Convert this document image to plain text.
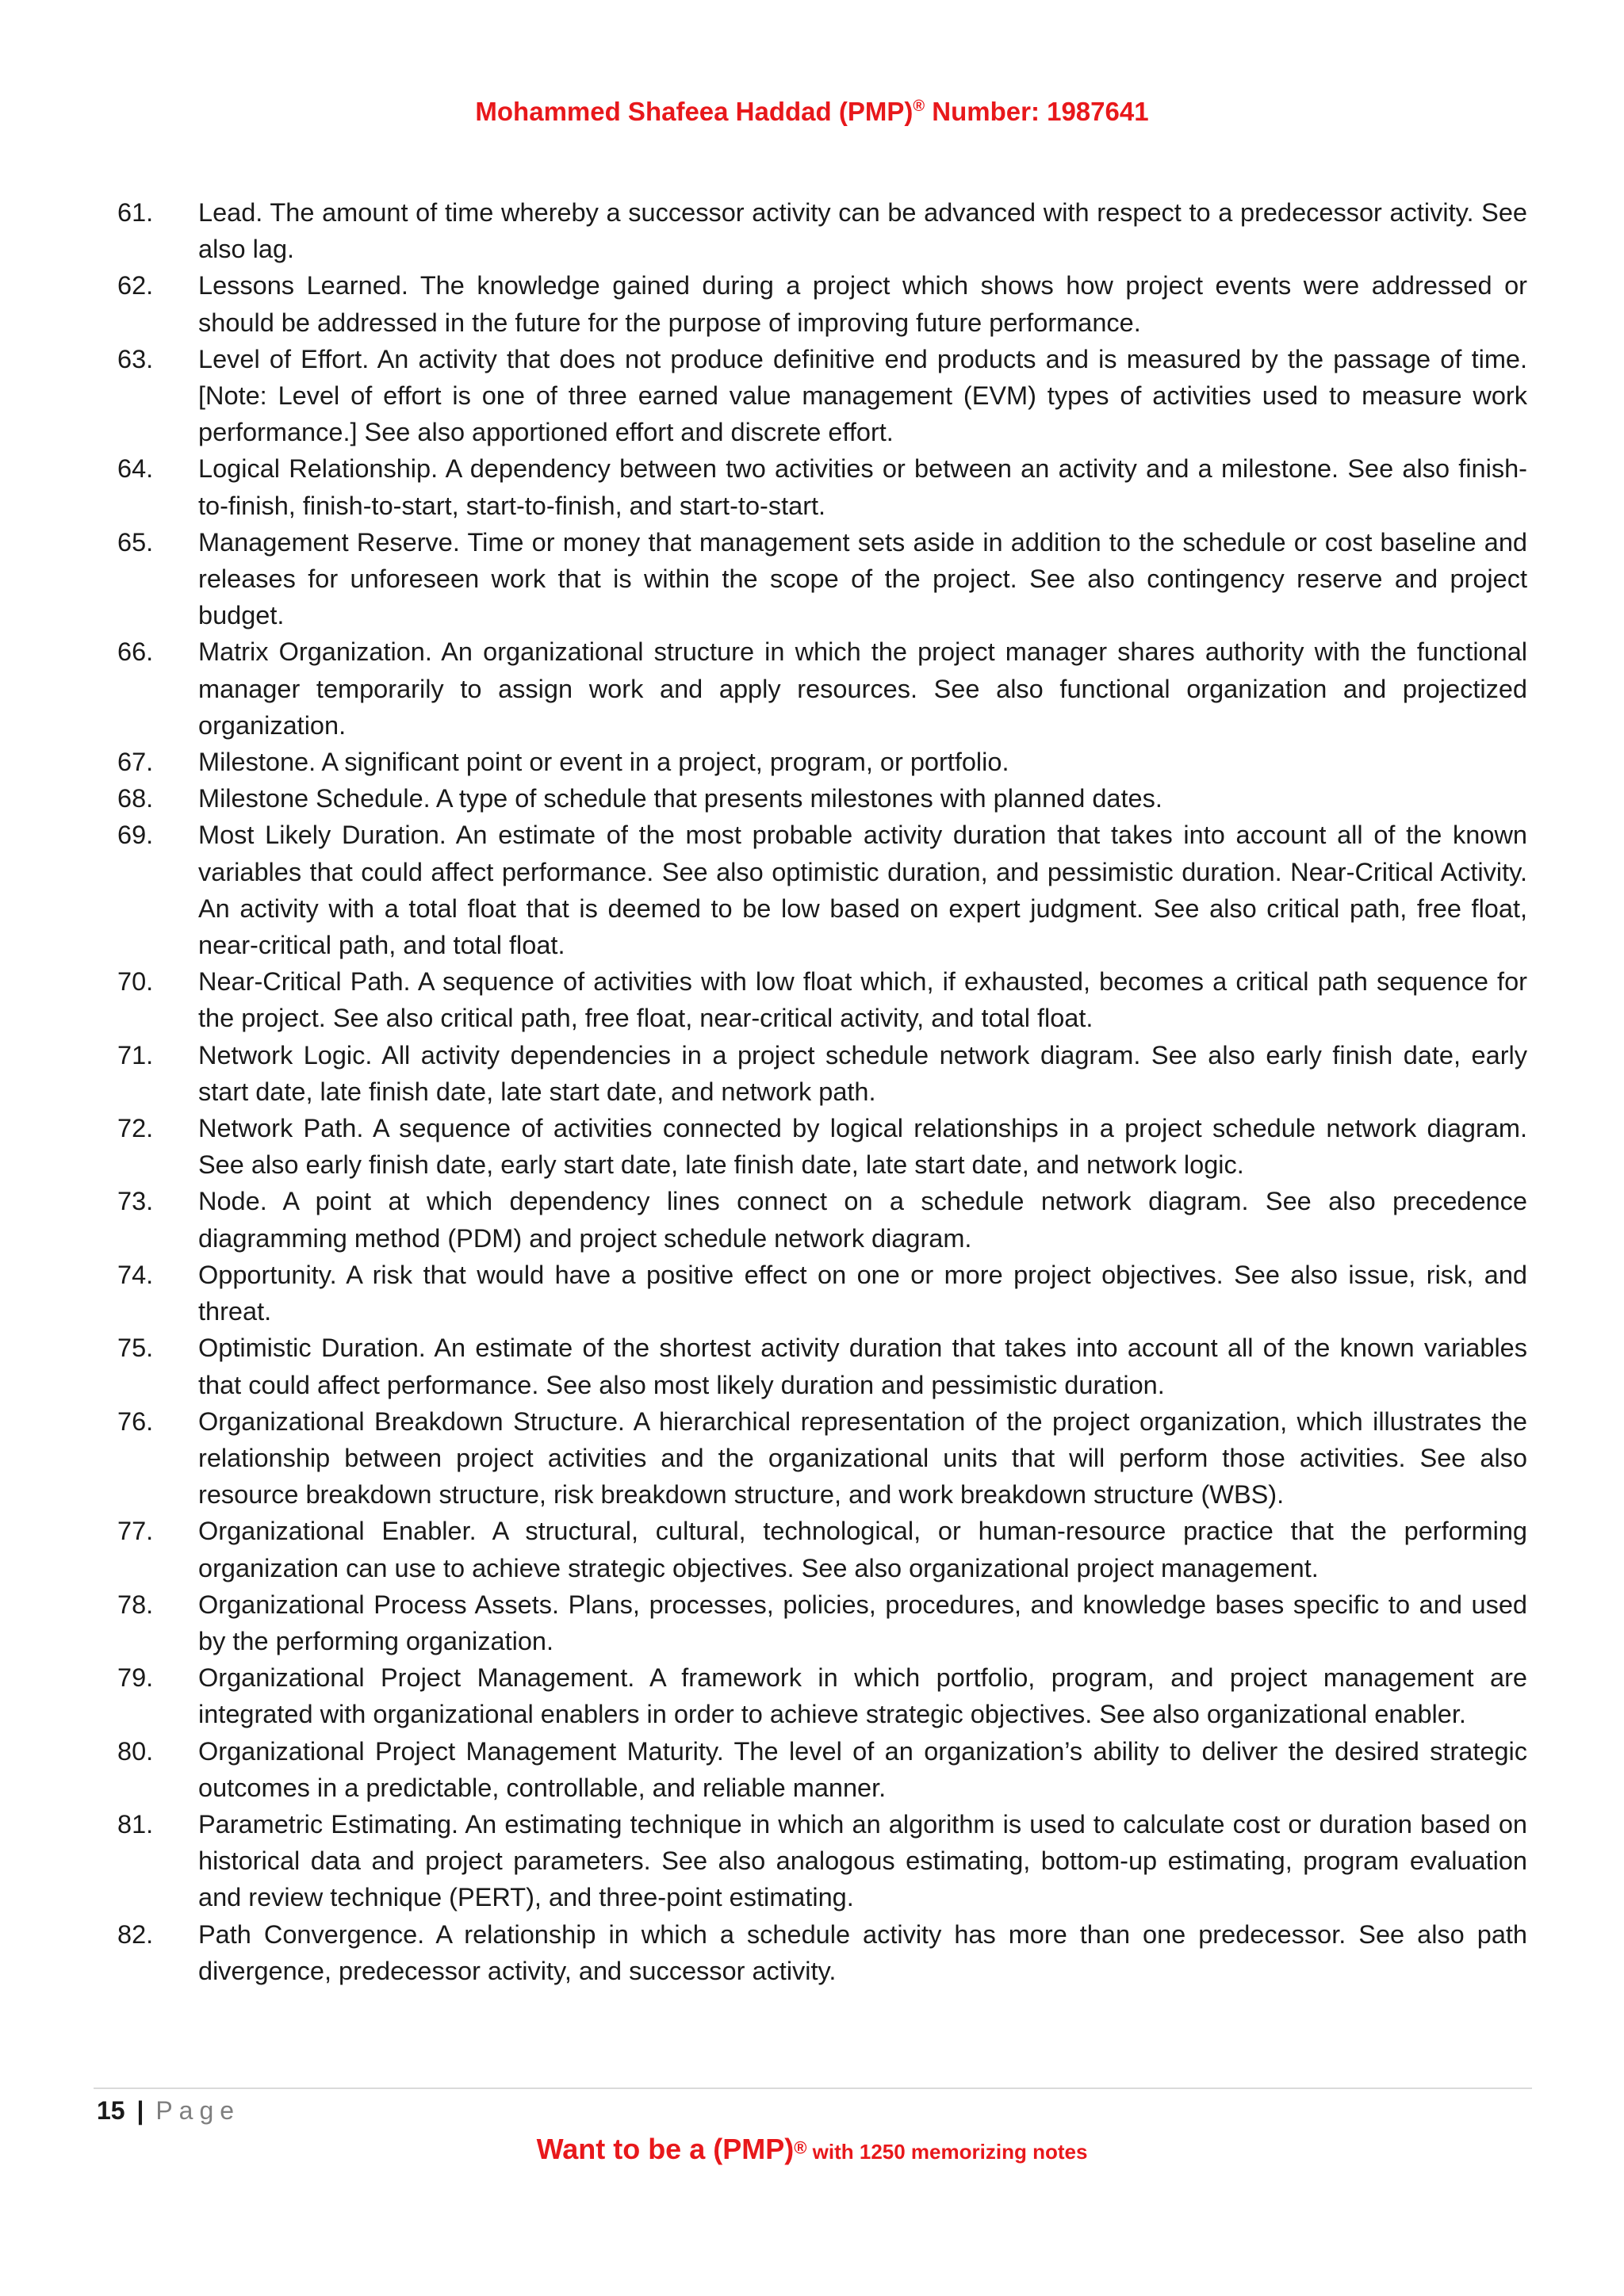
Mohammed Shafeea Haddad (PMP)® Number: 1987641
61.	Lead. The amount of time whereby a successor activity can be advanced with respect to a predecessor activity. See also lag.
62.	Lessons Learned. The knowledge gained during a project which shows how project events were addressed or should be addressed in the future for the purpose of improving future performance.
63.	Level of Effort. An activity that does not produce definitive end products and is measured by the passage of time. [Note: Level of effort is one of three earned value management (EVM) types of activities used to measure work performance.] See also apportioned effort and discrete effort.
64.	Logical Relationship. A dependency between two activities or between an activity and a milestone. See also finish-to-finish, finish-to-start, start-to-finish, and start-to-start.
65.	Management Reserve. Time or money that management sets aside in addition to the schedule or cost baseline and releases for unforeseen work that is within the scope of the project. See also contingency reserve and project budget.
66.	Matrix Organization. An organizational structure in which the project manager shares authority with the functional manager temporarily to assign work and apply resources. See also functional organization and projectized organization.
67.	Milestone. A significant point or event in a project, program, or portfolio.
68.	Milestone Schedule. A type of schedule that presents milestones with planned dates.
69.	Most Likely Duration. An estimate of the most probable activity duration that takes into account all of the known variables that could affect performance. See also optimistic duration, and pessimistic duration. Near-Critical Activity. An activity with a total float that is deemed to be low based on expert judgment. See also critical path, free float, near-critical path, and total float.
70.	Near-Critical Path. A sequence of activities with low float which, if exhausted, becomes a critical path sequence for the project. See also critical path, free float, near-critical activity, and total float.
71.	Network Logic. All activity dependencies in a project schedule network diagram. See also early finish date, early start date, late finish date, late start date, and network path.
72.	Network Path. A sequence of activities connected by logical relationships in a project schedule network diagram. See also early finish date, early start date, late finish date, late start date, and network logic.
73.	Node. A point at which dependency lines connect on a schedule network diagram. See also precedence diagramming method (PDM) and project schedule network diagram.
74.	Opportunity. A risk that would have a positive effect on one or more project objectives. See also issue, risk, and threat.
75.	Optimistic Duration. An estimate of the shortest activity duration that takes into account all of the known variables that could affect performance. See also most likely duration and pessimistic duration.
76.	Organizational Breakdown Structure. A hierarchical representation of the project organization, which illustrates the relationship between project activities and the organizational units that will perform those activities. See also resource breakdown structure, risk breakdown structure, and work breakdown structure (WBS).
77.	Organizational Enabler. A structural, cultural, technological, or human-resource practice that the performing organization can use to achieve strategic objectives. See also organizational project management.
78.	Organizational Process Assets. Plans, processes, policies, procedures, and knowledge bases specific to and used by the performing organization.
79.	Organizational Project Management. A framework in which portfolio, program, and project management are integrated with organizational enablers in order to achieve strategic objectives. See also organizational enabler.
80.	Organizational Project Management Maturity. The level of an organization’s ability to deliver the desired strategic outcomes in a predictable, controllable, and reliable manner.
81.	Parametric Estimating. An estimating technique in which an algorithm is used to calculate cost or duration based on historical data and project parameters. See also analogous estimating, bottom-up estimating, program evaluation and review technique (PERT), and three-point estimating.
82.	Path Convergence. A relationship in which a schedule activity has more than one predecessor. See also path divergence, predecessor activity, and successor activity.
15 | Page
Want to be a (PMP)® with 1250 memorizing notes
